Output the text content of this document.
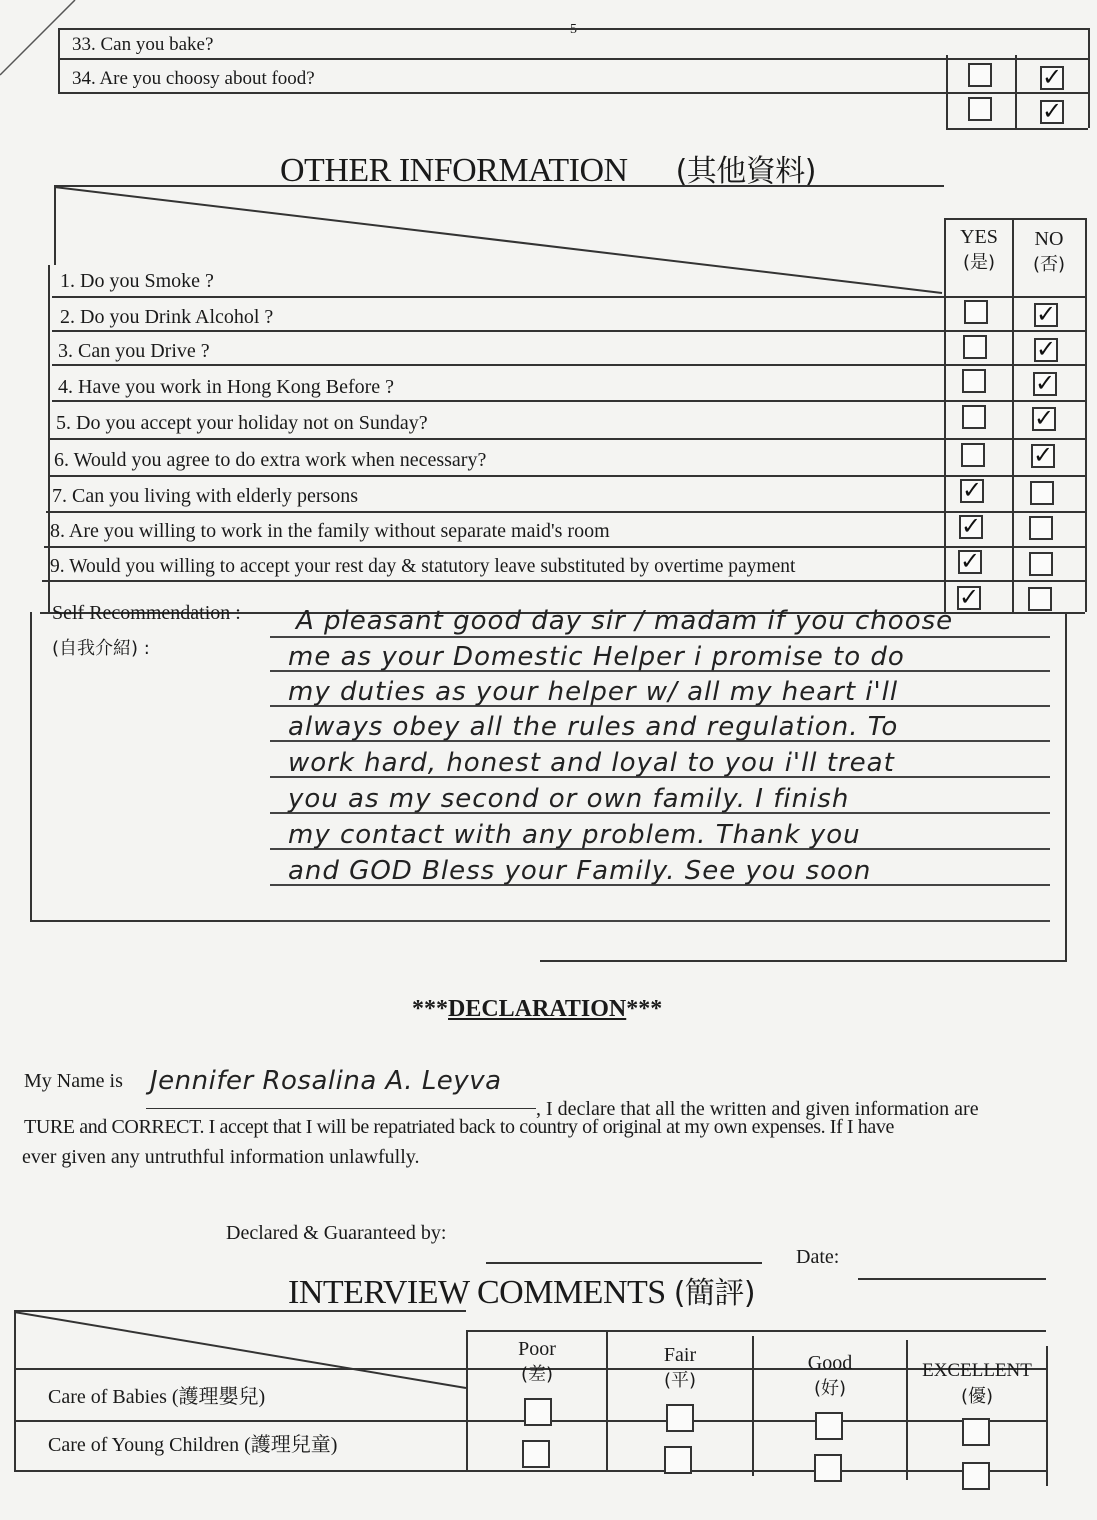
5
33. Can you bake?
34. Are you choosy about food?	✓
✓
OTHER INFORMATION (其他資料)
YES
(是)
NO
(否)
1. Do you Smoke ?
2. Do you Drink Alcohol ?
3. Can you Drive ?
4. Have you work in Hong Kong Before ?
5. Do you accept your holiday not on Sunday?
6. Would you agree to do extra work when necessary?
7. Can you living with elderly persons
8. Are you willing to work in the family without separate maid's room
9. Would you willing to accept your rest day & statutory leave substituted by overtime payment
✓
✓
✓
✓
✓
✓
✓
✓
✓
Self Recommendation :
(自我介紹) :
A pleasant good day sir / madam if you choose
me as your Domestic Helper i promise to do
my duties as your helper w/ all my heart i'll
always obey all the rules and regulation. To
work hard, honest and loyal to you i'll treat
you as my second or own family. I finish
my contact with any problem. Thank you
and GOD Bless your Family. See you soon
***DECLARATION***
My Name is Jennifer Rosalina A. Leyva
, I declare that all the written and given information are
TURE and CORRECT. I accept that I will be repatriated back to country of original at my own expenses. If I have
ever given any untruthful information unlawfully.
Declared & Guaranteed by:
Date:
INTERVIEW COMMENTS (簡評)
Poor
(差)
Fair
(平)
Good
(好)
EXCELLENT
(優)
Care of Babies (護理嬰兒)
Care of Young Children (護理兒童)
